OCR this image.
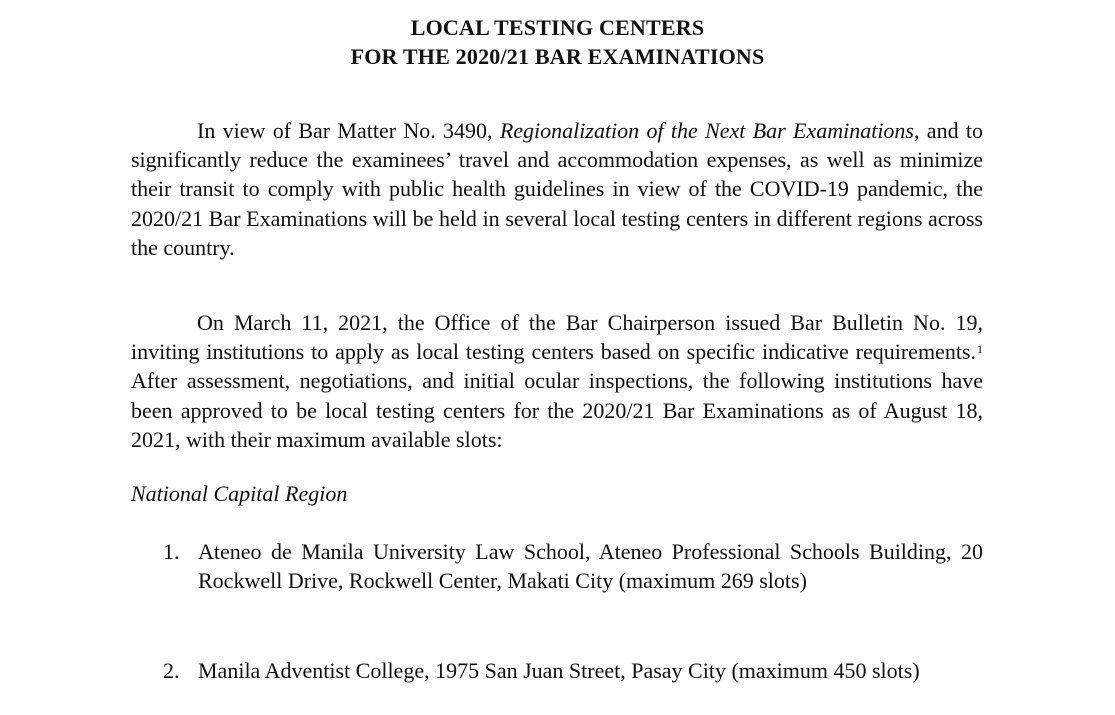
LOCAL TESTING CENTERS
FOR THE 2020/21 BAR EXAMINATIONS

In view of Bar Matter No. 3490, Regionalization of the Next Bar Examinations, and to significantly reduce the examinees’ travel and accommodation expenses, as well as minimize their transit to comply with public health guidelines in view of the COVID-19 pandemic, the 2020/21 Bar Examinations will be held in several local testing centers in different regions across the country.

On March 11, 2021, the Office of the Bar Chairperson issued Bar Bulletin No. 19, inviting institutions to apply as local testing centers based on specific indicative requirements.$^1$  After assessment, negotiations, and initial ocular inspections, the following institutions have been approved to be local testing centers for the 2020/21 Bar Examinations as of August 18, 2021, with their maximum available slots:

National Capital Region
1. Ateneo de Manila University Law School, Ateneo Professional Schools Building, 20 Rockwell Drive, Rockwell Center, Makati City (maximum 269 slots)
2. Manila Adventist College, 1975 San Juan Street, Pasay City (maximum 450 slots)
